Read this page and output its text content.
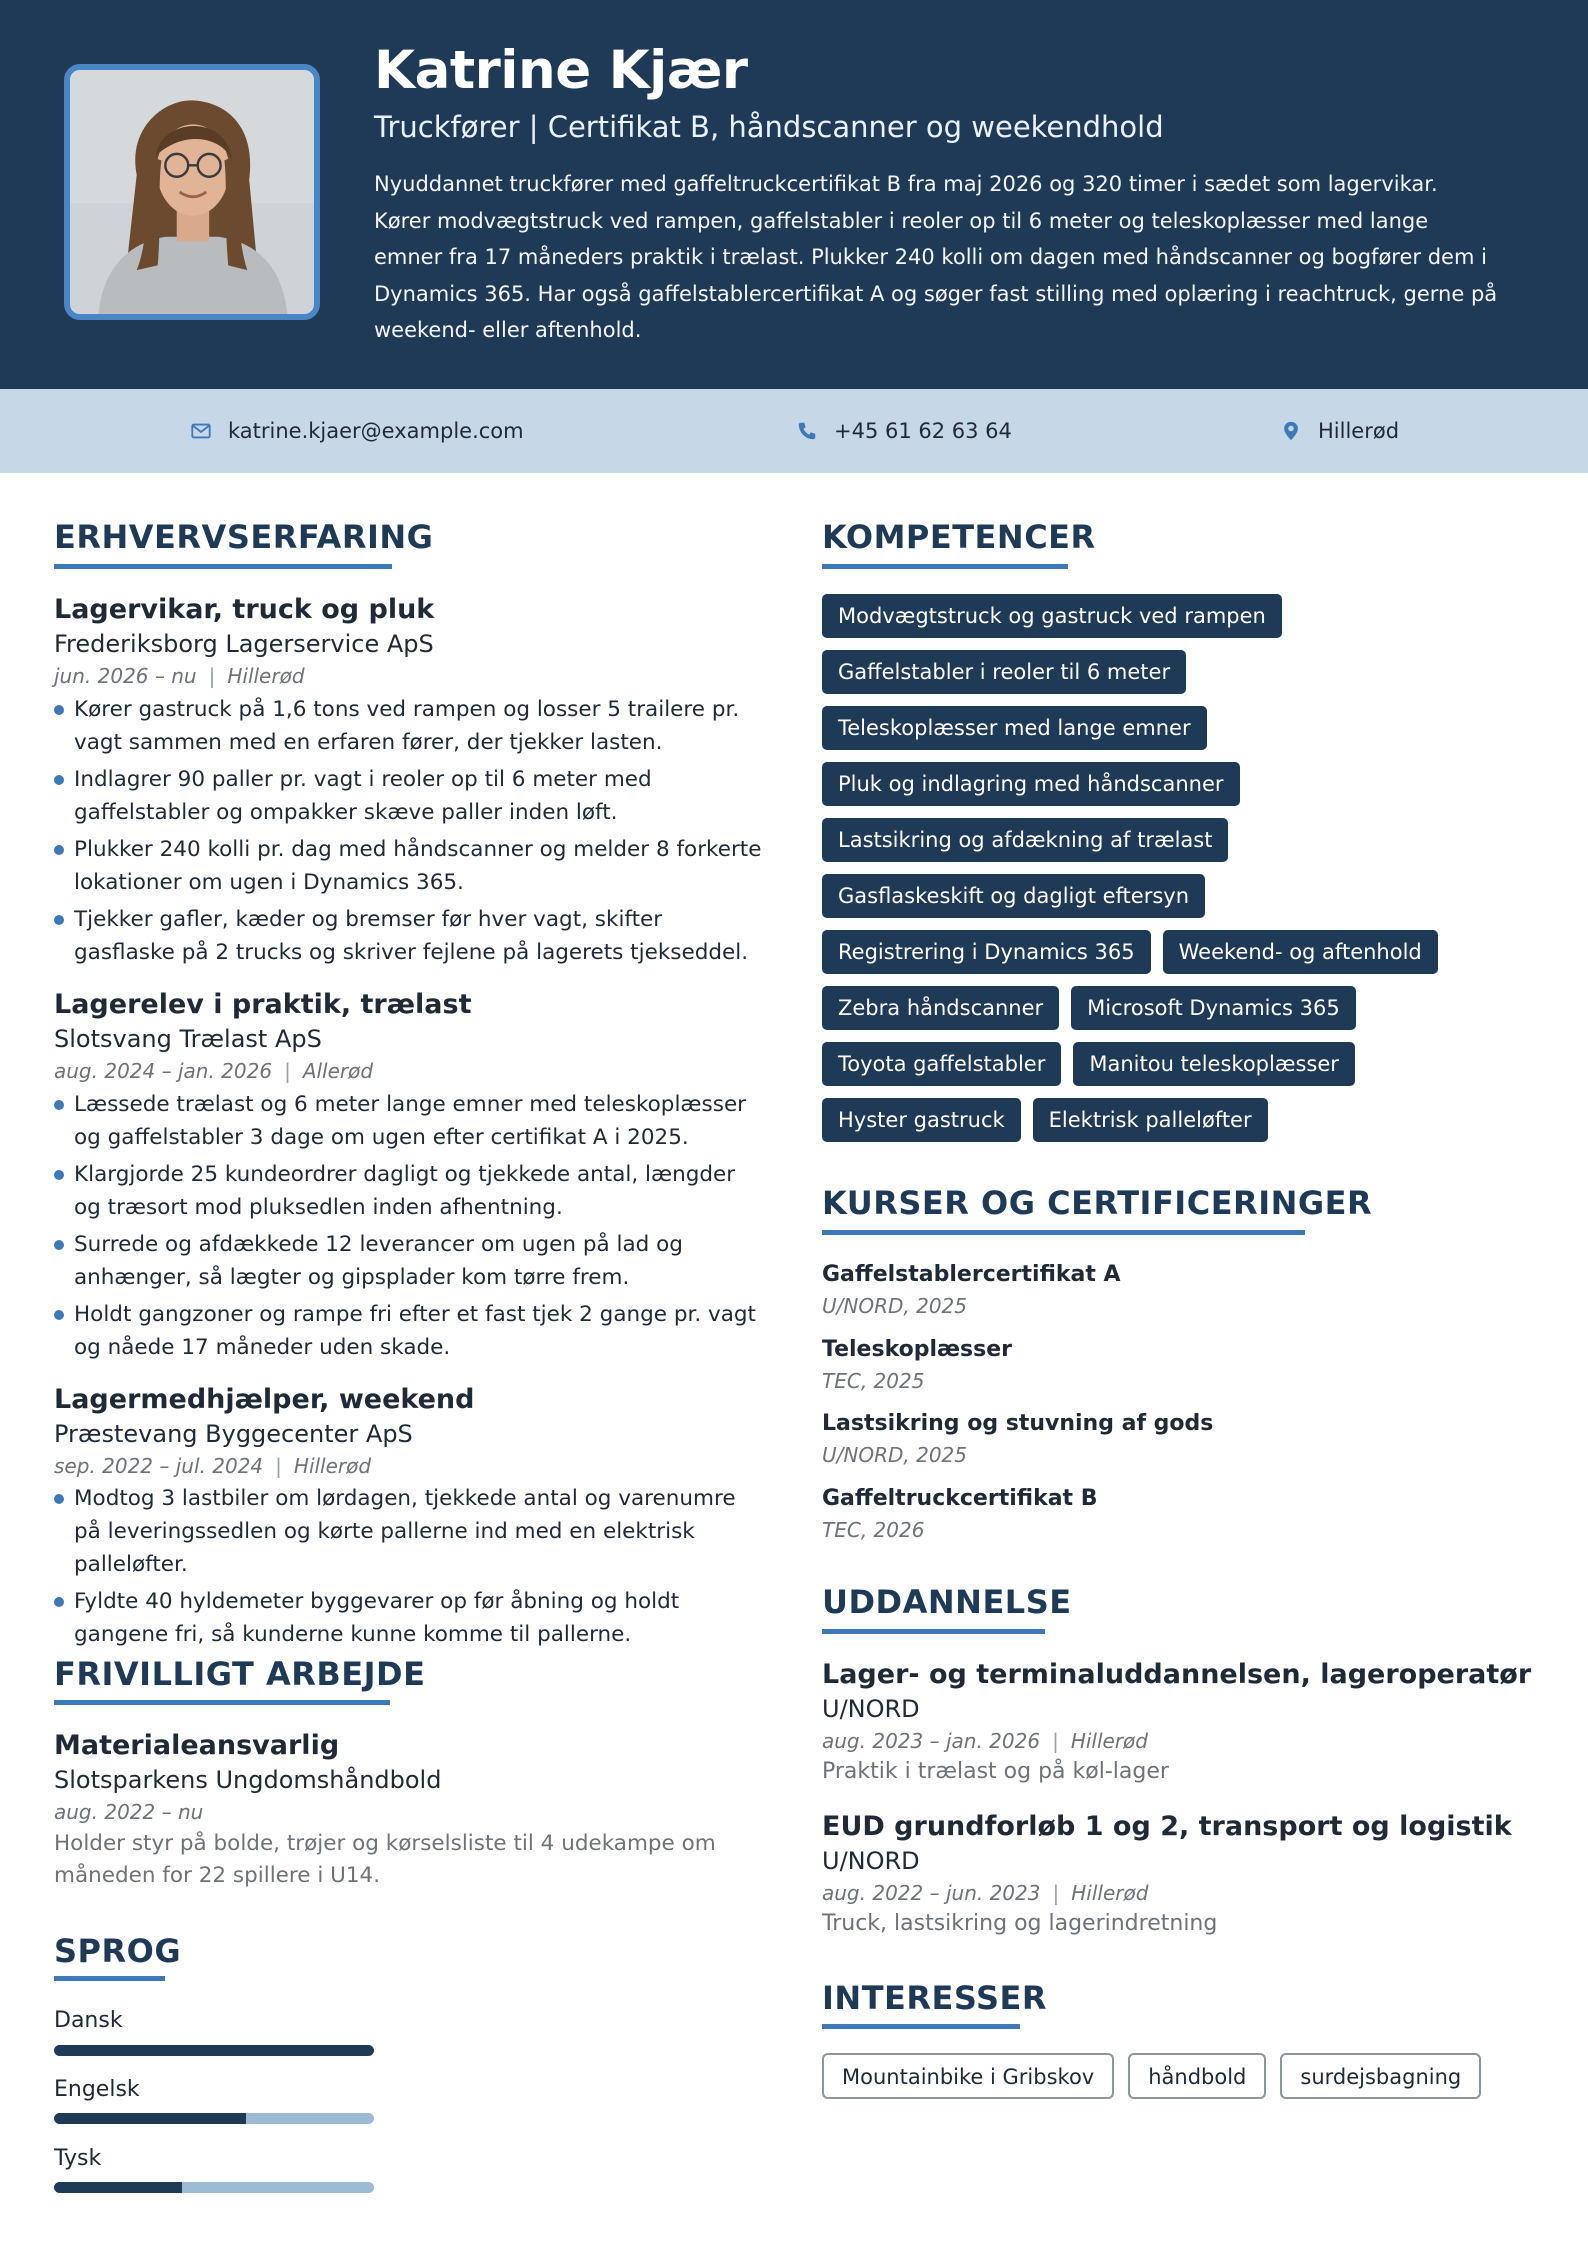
Katrine Kjær
Truckfører | Certifikat B, håndscanner og weekendhold
Nyuddannet truckfører med gaffeltruckcertifikat B fra maj 2026 og 320 timer i sædet som lagervikar. Kører modvægtstruck ved rampen, gaffelstabler i reoler op til 6 meter og teleskoplæsser med lange emner fra 17 måneders praktik i trælast. Plukker 240 kolli om dagen med håndscanner og bogfører dem i Dynamics 365. Har også gaffelstablercertifikat A og søger fast stilling med oplæring i reachtruck, gerne på weekend- eller aftenhold.
katrine.kjaer@example.com	+45 61 62 63 64	Hillerød
ERHVERVSERFARING
Lagervikar, truck og pluk
Frederiksborg Lagerservice ApS
jun. 2026 – nu | Hillerød
Kører gastruck på 1,6 tons ved rampen og losser 5 trailere pr. vagt sammen med en erfaren fører, der tjekker lasten.
Indlagrer 90 paller pr. vagt i reoler op til 6 meter med gaffelstabler og ompakker skæve paller inden løft.
Plukker 240 kolli pr. dag med håndscanner og melder 8 forkerte lokationer om ugen i Dynamics 365.
Tjekker gafler, kæder og bremser før hver vagt, skifter gasflaske på 2 trucks og skriver fejlene på lagerets tjekseddel.
Lagerelev i praktik, trælast
Slotsvang Trælast ApS
aug. 2024 – jan. 2026 | Allerød
Læssede trælast og 6 meter lange emner med teleskoplæsser og gaffelstabler 3 dage om ugen efter certifikat A i 2025.
Klargjorde 25 kundeordrer dagligt og tjekkede antal, længder og træsort mod pluksedlen inden afhentning.
Surrede og afdækkede 12 leverancer om ugen på lad og anhænger, så lægter og gipsplader kom tørre frem.
Holdt gangzoner og rampe fri efter et fast tjek 2 gange pr. vagt og nåede 17 måneder uden skade.
Lagermedhjælper, weekend
Præstevang Byggecenter ApS
sep. 2022 – jul. 2024 | Hillerød
Modtog 3 lastbiler om lørdagen, tjekkede antal og varenumre på leveringssedlen og kørte pallerne ind med en elektrisk palleløfter.
Fyldte 40 hyldemeter byggevarer op før åbning og holdt gangene fri, så kunderne kunne komme til pallerne.
FRIVILLIGT ARBEJDE
Materialeansvarlig
Slotsparkens Ungdomshåndbold
aug. 2022 – nu
Holder styr på bolde, trøjer og kørselsliste til 4 udekampe om måneden for 22 spillere i U14.
SPROG
Dansk
Engelsk
Tysk
KOMPETENCER
Modvægtstruck og gastruck ved rampen
Gaffelstabler i reoler til 6 meter
Teleskoplæsser med lange emner
Pluk og indlagring med håndscanner
Lastsikring og afdækning af trælast
Gasflaskeskift og dagligt eftersyn
Registrering i Dynamics 365	Weekend- og aftenhold
Zebra håndscanner	Microsoft Dynamics 365
Toyota gaffelstabler	Manitou teleskoplæsser
Hyster gastruck	Elektrisk palleløfter
KURSER OG CERTIFICERINGER
Gaffelstablercertifikat A
U/NORD, 2025
Teleskoplæsser
TEC, 2025
Lastsikring og stuvning af gods
U/NORD, 2025
Gaffeltruckcertifikat B
TEC, 2026
UDDANNELSE
Lager- og terminaluddannelsen, lageroperatør
U/NORD
aug. 2023 – jan. 2026 | Hillerød
Praktik i trælast og på køl-lager
EUD grundforløb 1 og 2, transport og logistik
U/NORD
aug. 2022 – jun. 2023 | Hillerød
Truck, lastsikring og lagerindretning
INTERESSER
Mountainbike i Gribskov	håndbold	surdejsbagning
